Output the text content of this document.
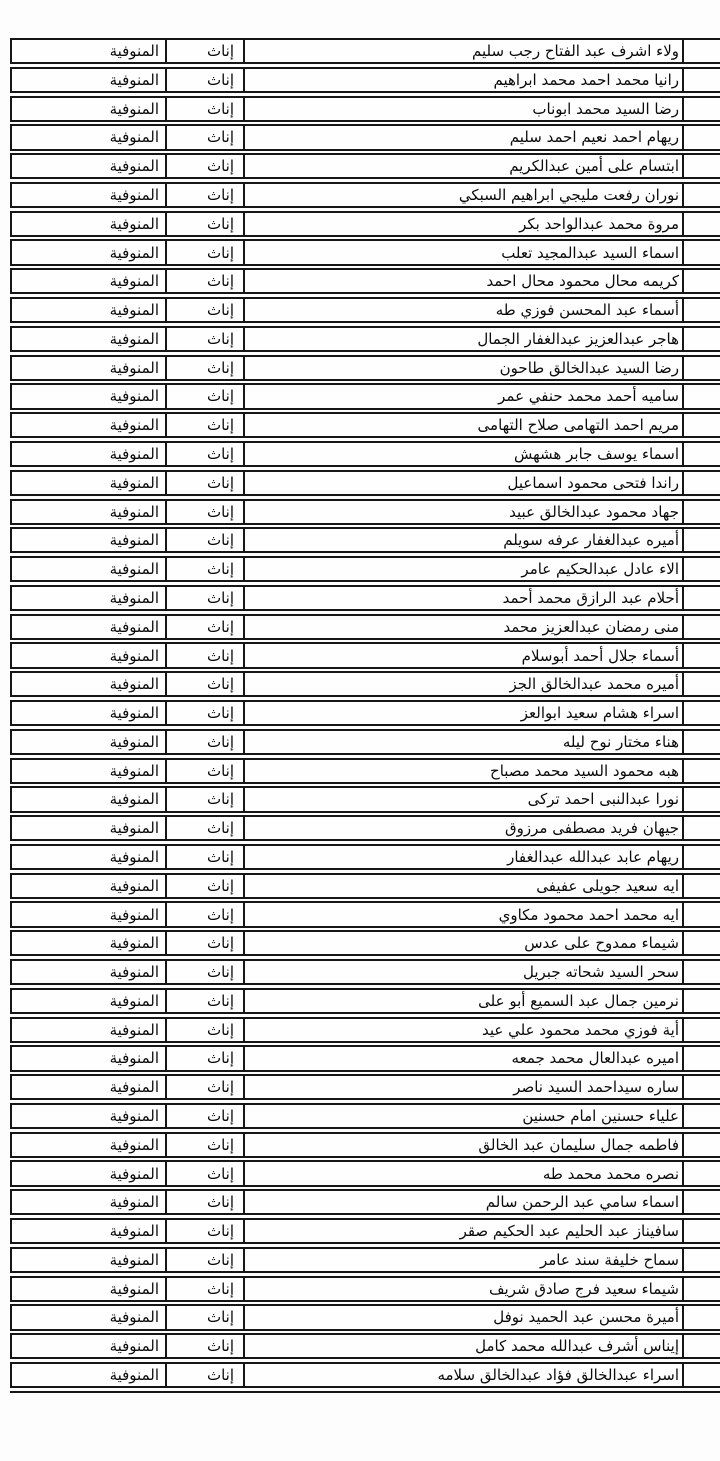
المنوفية	إناث	ولاء اشرف عبد الفتاح رجب سليم
المنوفية	إناث	رانيا محمد احمد محمد ابراهيم
المنوفية	إناث	رضا السيد محمد ابوناب
المنوفية	إناث	ريهام احمد نعيم احمد سليم
المنوفية	إناث	ابتسام على أمين عبدالكريم
المنوفية	إناث	نوران رفعت مليجي ابراهيم السبكي
المنوفية	إناث	مروة محمد عبدالواحد بكر
المنوفية	إناث	اسماء السيد عبدالمجيد تعلب
المنوفية	إناث	كريمه محال محمود محال احمد
المنوفية	إناث	أسماء عبد المحسن فوزي طه
المنوفية	إناث	هاجر عبدالعزيز عبدالغفار الجمال
المنوفية	إناث	رضا السيد عبدالخالق طاحون
المنوفية	إناث	ساميه أحمد محمد حنفي عمر
المنوفية	إناث	مريم احمد التهامى صلاح التهامى
المنوفية	إناث	اسماء يوسف جابر هشهش
المنوفية	إناث	راندا فتحى محمود اسماعيل
المنوفية	إناث	جهاد محمود عبدالخالق عبيد
المنوفية	إناث	أميره عبدالغفار عرفه سويلم
المنوفية	إناث	الاء عادل عبدالحكيم عامر
المنوفية	إناث	أحلام عبد الرازق محمد أحمد
المنوفية	إناث	منى رمضان عبدالعزيز محمد
المنوفية	إناث	أسماء جلال أحمد أبوسلام
المنوفية	إناث	أميره محمد عبدالخالق الجز
المنوفية	إناث	اسراء هشام سعيد ابوالعز
المنوفية	إناث	هناء مختار نوح ليله
المنوفية	إناث	هبه محمود السيد محمد مصباح
المنوفية	إناث	نورا عبدالنبى احمد تركى
المنوفية	إناث	جيهان فريد مصطفى مرزوق
المنوفية	إناث	ريهام عابد عبدالله عبدالغفار
المنوفية	إناث	ايه سعيد جويلى عفيفى
المنوفية	إناث	ايه محمد احمد محمود مكاوي
المنوفية	إناث	شيماء ممدوح على عدس
المنوفية	إناث	سحر السيد شحاته جبريل
المنوفية	إناث	نرمين جمال عبد السميع أبو على
المنوفية	إناث	أية فوزي محمد محمود علي عيد
المنوفية	إناث	اميره عبدالعال محمد جمعه
المنوفية	إناث	ساره سيداحمد السيد ناصر
المنوفية	إناث	علياء حسنين امام حسنين
المنوفية	إناث	فاطمه جمال سليمان عبد الخالق
المنوفية	إناث	نصره محمد محمد طه
المنوفية	إناث	اسماء سامي عبد الرحمن سالم
المنوفية	إناث	سافيناز عبد الحليم عبد الحكيم صقر
المنوفية	إناث	سماح خليفة سند عامر
المنوفية	إناث	شيماء سعيد فرج صادق شريف
المنوفية	إناث	أميرة محسن عبد الحميد نوفل
المنوفية	إناث	إيناس أشرف عبدالله محمد كامل
المنوفية	إناث	اسراء عبدالخالق فؤاد عبدالخالق سلامه
